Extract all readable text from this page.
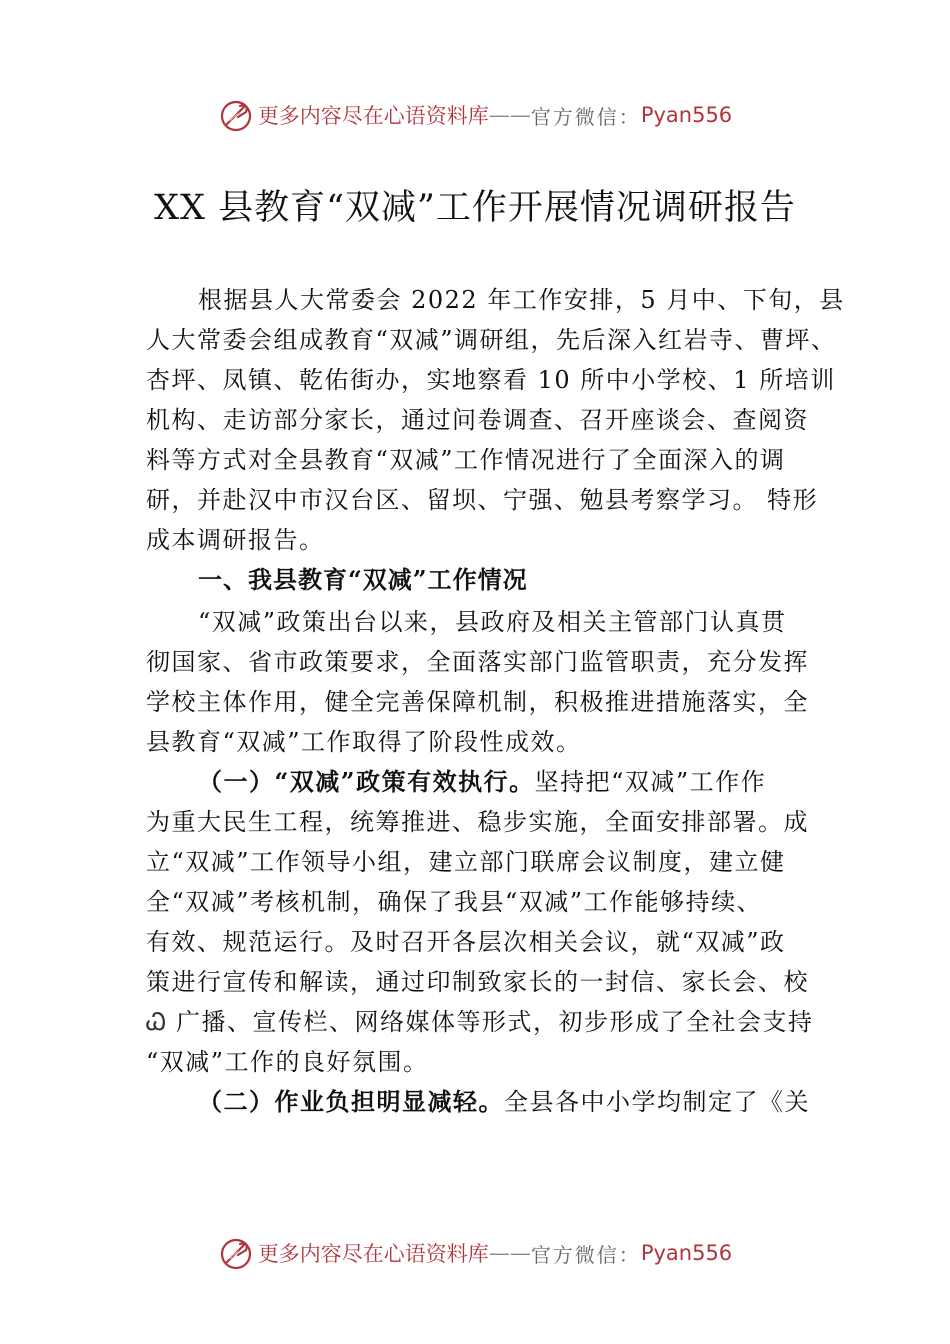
更多内容尽在心语资料库 —— 官方微信： Pyan556
XX 县教育“双减”工作开展情况调研报告
根据县人大常委会 2022 年工作安排，5 月中、下旬，县
人大常委会组成教育“双减”调研组，先后深入红岩寺、曹坪、
杏坪、凤镇、乾佑街办，实地察看 10 所中小学校、1 所培训
机构、走访部分家长，通过问卷调查、召开座谈会、查阅资
料等方式对全县教育“双减”工作情况进行了全面深入的调
研，并赴汉中市汉台区、留坝、宁强、勉县考察学习。 特形
成本调研报告。
一、我县教育“双减”工作情况
“双减”政策出台以来，县政府及相关主管部门认真贯
彻国家、省市政策要求，全面落实部门监管职责，充分发挥
学校主体作用，健全完善保障机制，积极推进措施落实，全
县教育“双减”工作取得了阶段性成效。
（一）“双减”政策有效执行。坚持把“双减”工作作
为重大民生工程，统筹推进、稳步实施，全面安排部署。成
立“双减”工作领导小组，建立部门联席会议制度，建立健
全“双减”考核机制，确保了我县“双减”工作能够持续、
有效、规范运行。及时召开各层次相关会议，就“双减”政
策进行宣传和解读，通过印制致家长的一封信、家长会、校
Ꮗ 广播、宣传栏、网络媒体等形式，初步形成了全社会支持
“双减”工作的良好氛围。
（二）作业负担明显减轻。全县各中小学均制定了《关
更多内容尽在心语资料库 —— 官方微信： Pyan556
